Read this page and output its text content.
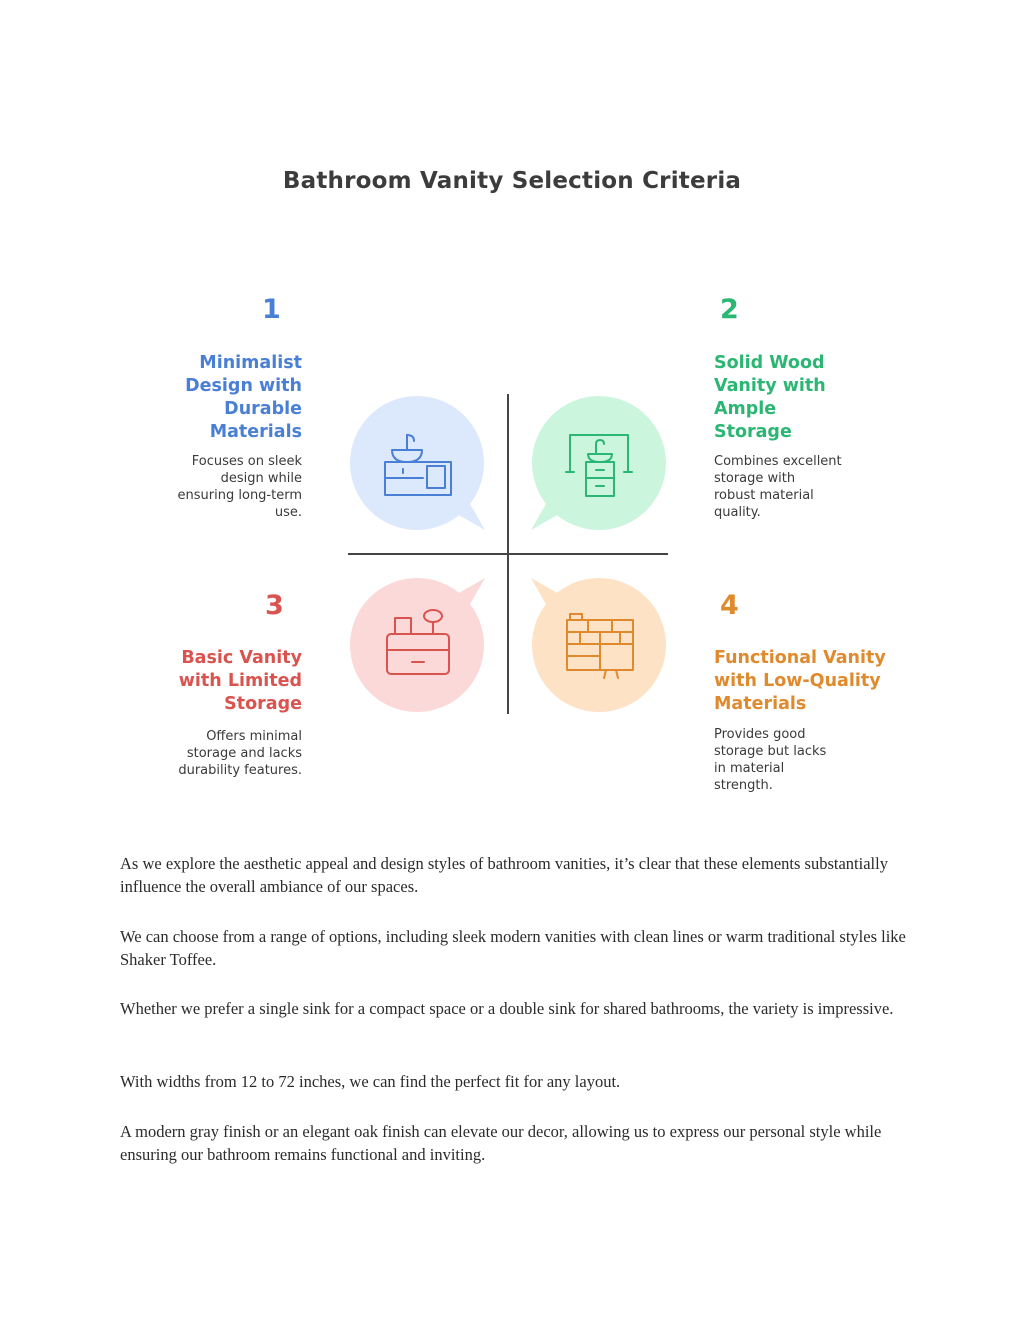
Bathroom Vanity Selection Criteria
1
Minimalist
Design with
Durable
Materials
Focuses on sleek
design while
ensuring long-term
use.
2
Solid Wood
Vanity with
Ample
Storage
Combines excellent
storage with
robust material
quality.
3
Basic Vanity
with Limited
Storage
Offers minimal
storage and lacks
durability features.
4
Functional Vanity
with Low-Quality
Materials
Provides good
storage but lacks
in material
strength.
As we explore the aesthetic appeal and design styles of bathroom vanities, it’s clear that these elements substantially influence the overall ambiance of our spaces.
We can choose from a range of options, including sleek modern vanities with clean lines or warm traditional styles like Shaker Toffee.
Whether we prefer a single sink for a compact space or a double sink for shared bathrooms, the variety is impressive.
With widths from 12 to 72 inches, we can find the perfect fit for any layout.
A modern gray finish or an elegant oak finish can elevate our decor, allowing us to express our personal style while ensuring our bathroom remains functional and inviting.
